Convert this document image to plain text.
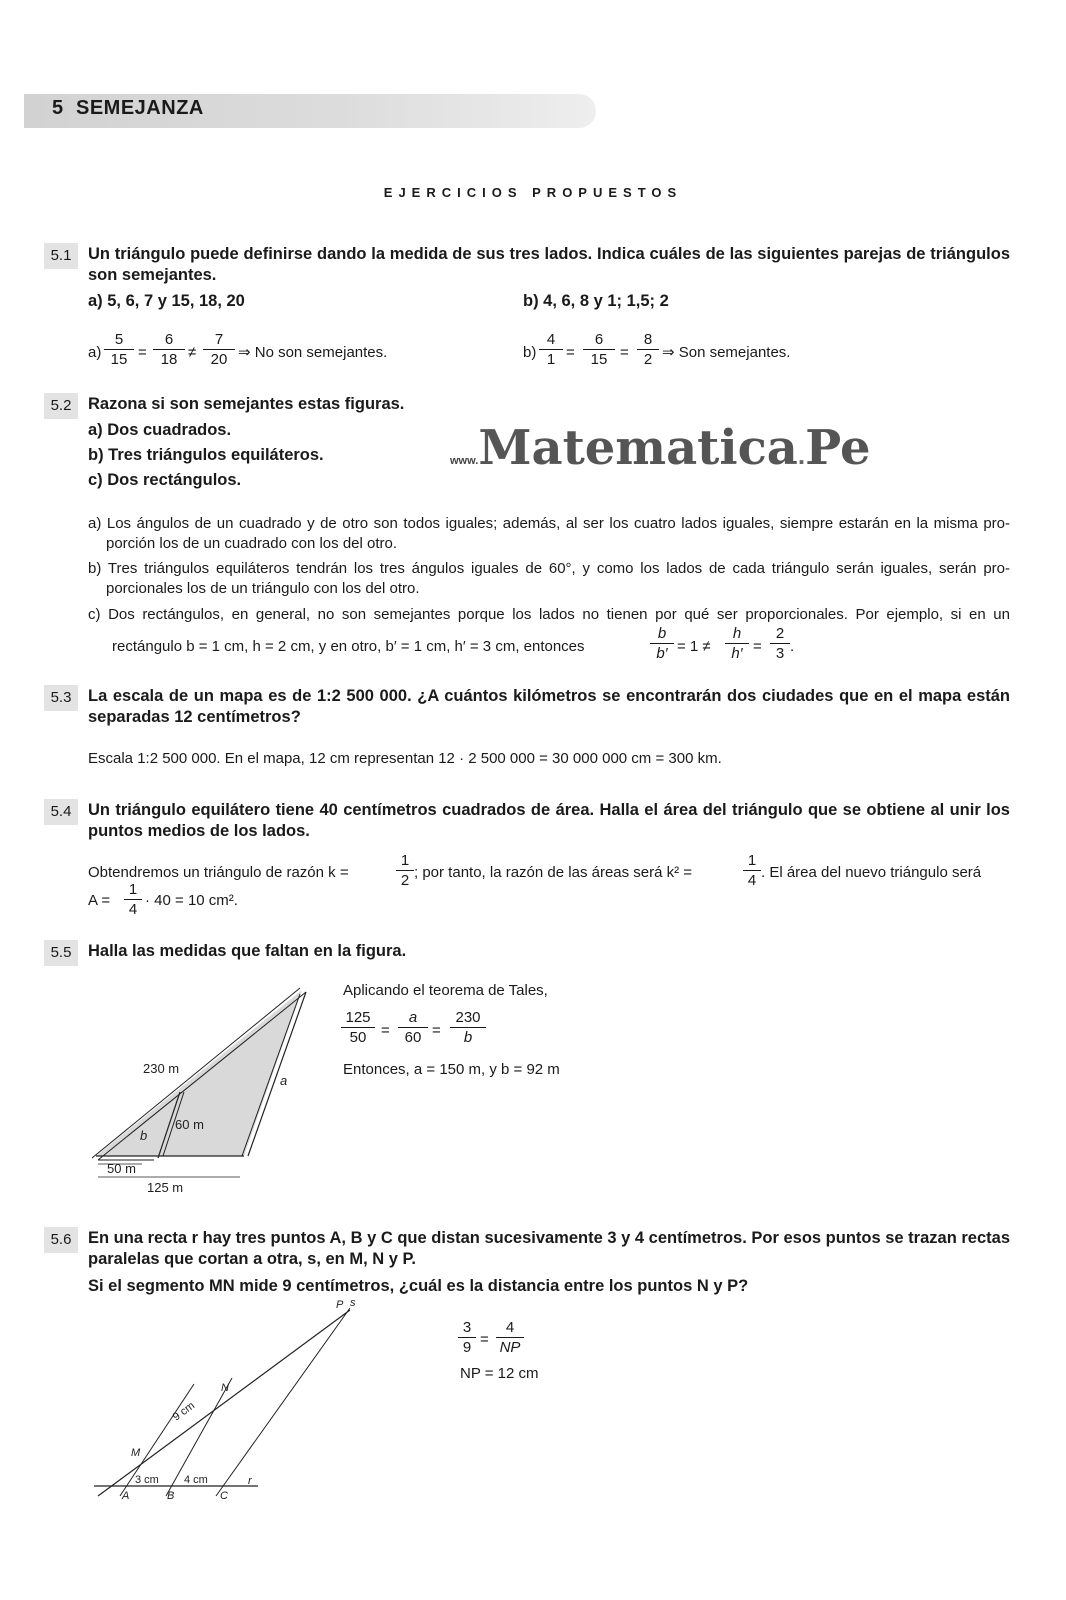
5 SEMEJANZA
EJERCICIOS PROPUESTOS
5.1	Un triángulo puede definirse dando la medida de sus tres lados. Indica cuáles de las siguientes parejas de triángulos son semejantes.
a) 5, 6, 7 y 15, 18, 20	b) 4, 6, 8 y 1; 1,5; 2
$a) \frac{5}{15} = \frac{6}{18} \ne \frac{7}{20}$ ⇒ No son semejantes.	$b) \frac{4}{1} = \frac{6}{15} = \frac{8}{2}$ ⇒ Son semejantes.
5.2	Razona si son semejantes estas figuras.
a) Dos cuadrados.
b) Tres triángulos equiláteros.
c) Dos rectángulos.
www.Matematica.Pe
a) Los ángulos de un cuadrado y de otro son todos iguales; además, al ser los cuatro lados iguales, siempre estarán en la misma pro-
porción los de un cuadrado con los del otro.
b) Tres triángulos equiláteros tendrán los tres ángulos iguales de 60°, y como los lados de cada triángulo serán iguales, serán pro-
porcionales los de un triángulo con los del otro.
c) Dos rectángulos, en general, no son semejantes porque los lados no tienen por qué ser proporcionales. Por ejemplo, si en un
rectángulo b = 1 cm, h = 2 cm, y en otro, b′ = 1 cm, h′ = 3 cm, entonces	$\frac{b}{b'} = 1 \ne \frac{h}{h'} = \frac{2}{3}$ .
5.3	La escala de un mapa es de 1:2 500 000. ¿A cuántos kilómetros se encontrarán dos ciudades que en el mapa están separadas 12 centímetros?
Escala 1:2 500 000. En el mapa, 12 cm representan 12 · 2 500 000 = 30 000 000 cm = 300 km.
5.4	Un triángulo equilátero tiene 40 centímetros cuadrados de área. Halla el área del triángulo que se obtiene al unir los puntos medios de los lados.
Obtendremos un triángulo de razón k =	$\frac{1}{2}$ ; por tanto, la razón de las áreas será k² =	$\frac{1}{4}$ . El área del nuevo triángulo será
$A = \frac{1}{4} \cdot 40 = 10$ cm².
5.5	Halla las medidas que faltan en la figura.
230 m
a
b
60 m
50 m
125 m
Aplicando el teorema de Tales,
$\frac{125}{50} = \frac{a}{60} = \frac{230}{b}$
Entonces, a = 150 m, y b = 92 m
5.6	En una recta r hay tres puntos A, B y C que distan sucesivamente 3 y 4 centímetros. Por esos puntos se trazan rectas paralelas que cortan a otra, s, en M, N y P.
Si el segmento MN mide 9 centímetros, ¿cuál es la distancia entre los puntos N y P?
P s
N
M
r
A	B	C
9 cm
3 cm 4 cm
$\frac{3}{9} = \frac{4}{NP}$
NP = 12 cm
